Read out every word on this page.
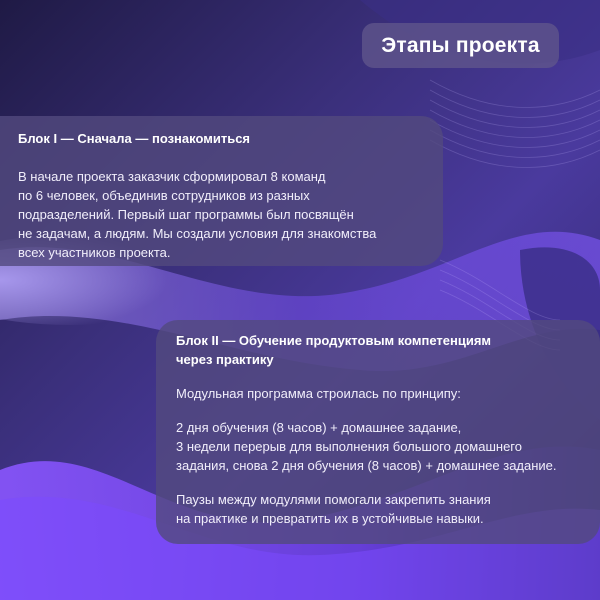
Этапы проекта

Блок I — Сначала — познакомиться

В начале проекта заказчик сформировал 8 команд
по 6 человек, объединив сотрудников из разных
подразделений. Первый шаг программы был посвящён
не задачам, а людям. Мы создали условия для знакомства
всех участников проекта.

Блок II — Обучение продуктовым компетенциям
через практику

Модульная программа строилась по принципу:

2 дня обучения (8 часов) + домашнее задание,
3 недели перерыв для выполнения большого домашнего
задания, снова 2 дня обучения (8 часов) + домашнее задание.

Паузы между модулями помогали закрепить знания
на практике и превратить их в устойчивые навыки.
